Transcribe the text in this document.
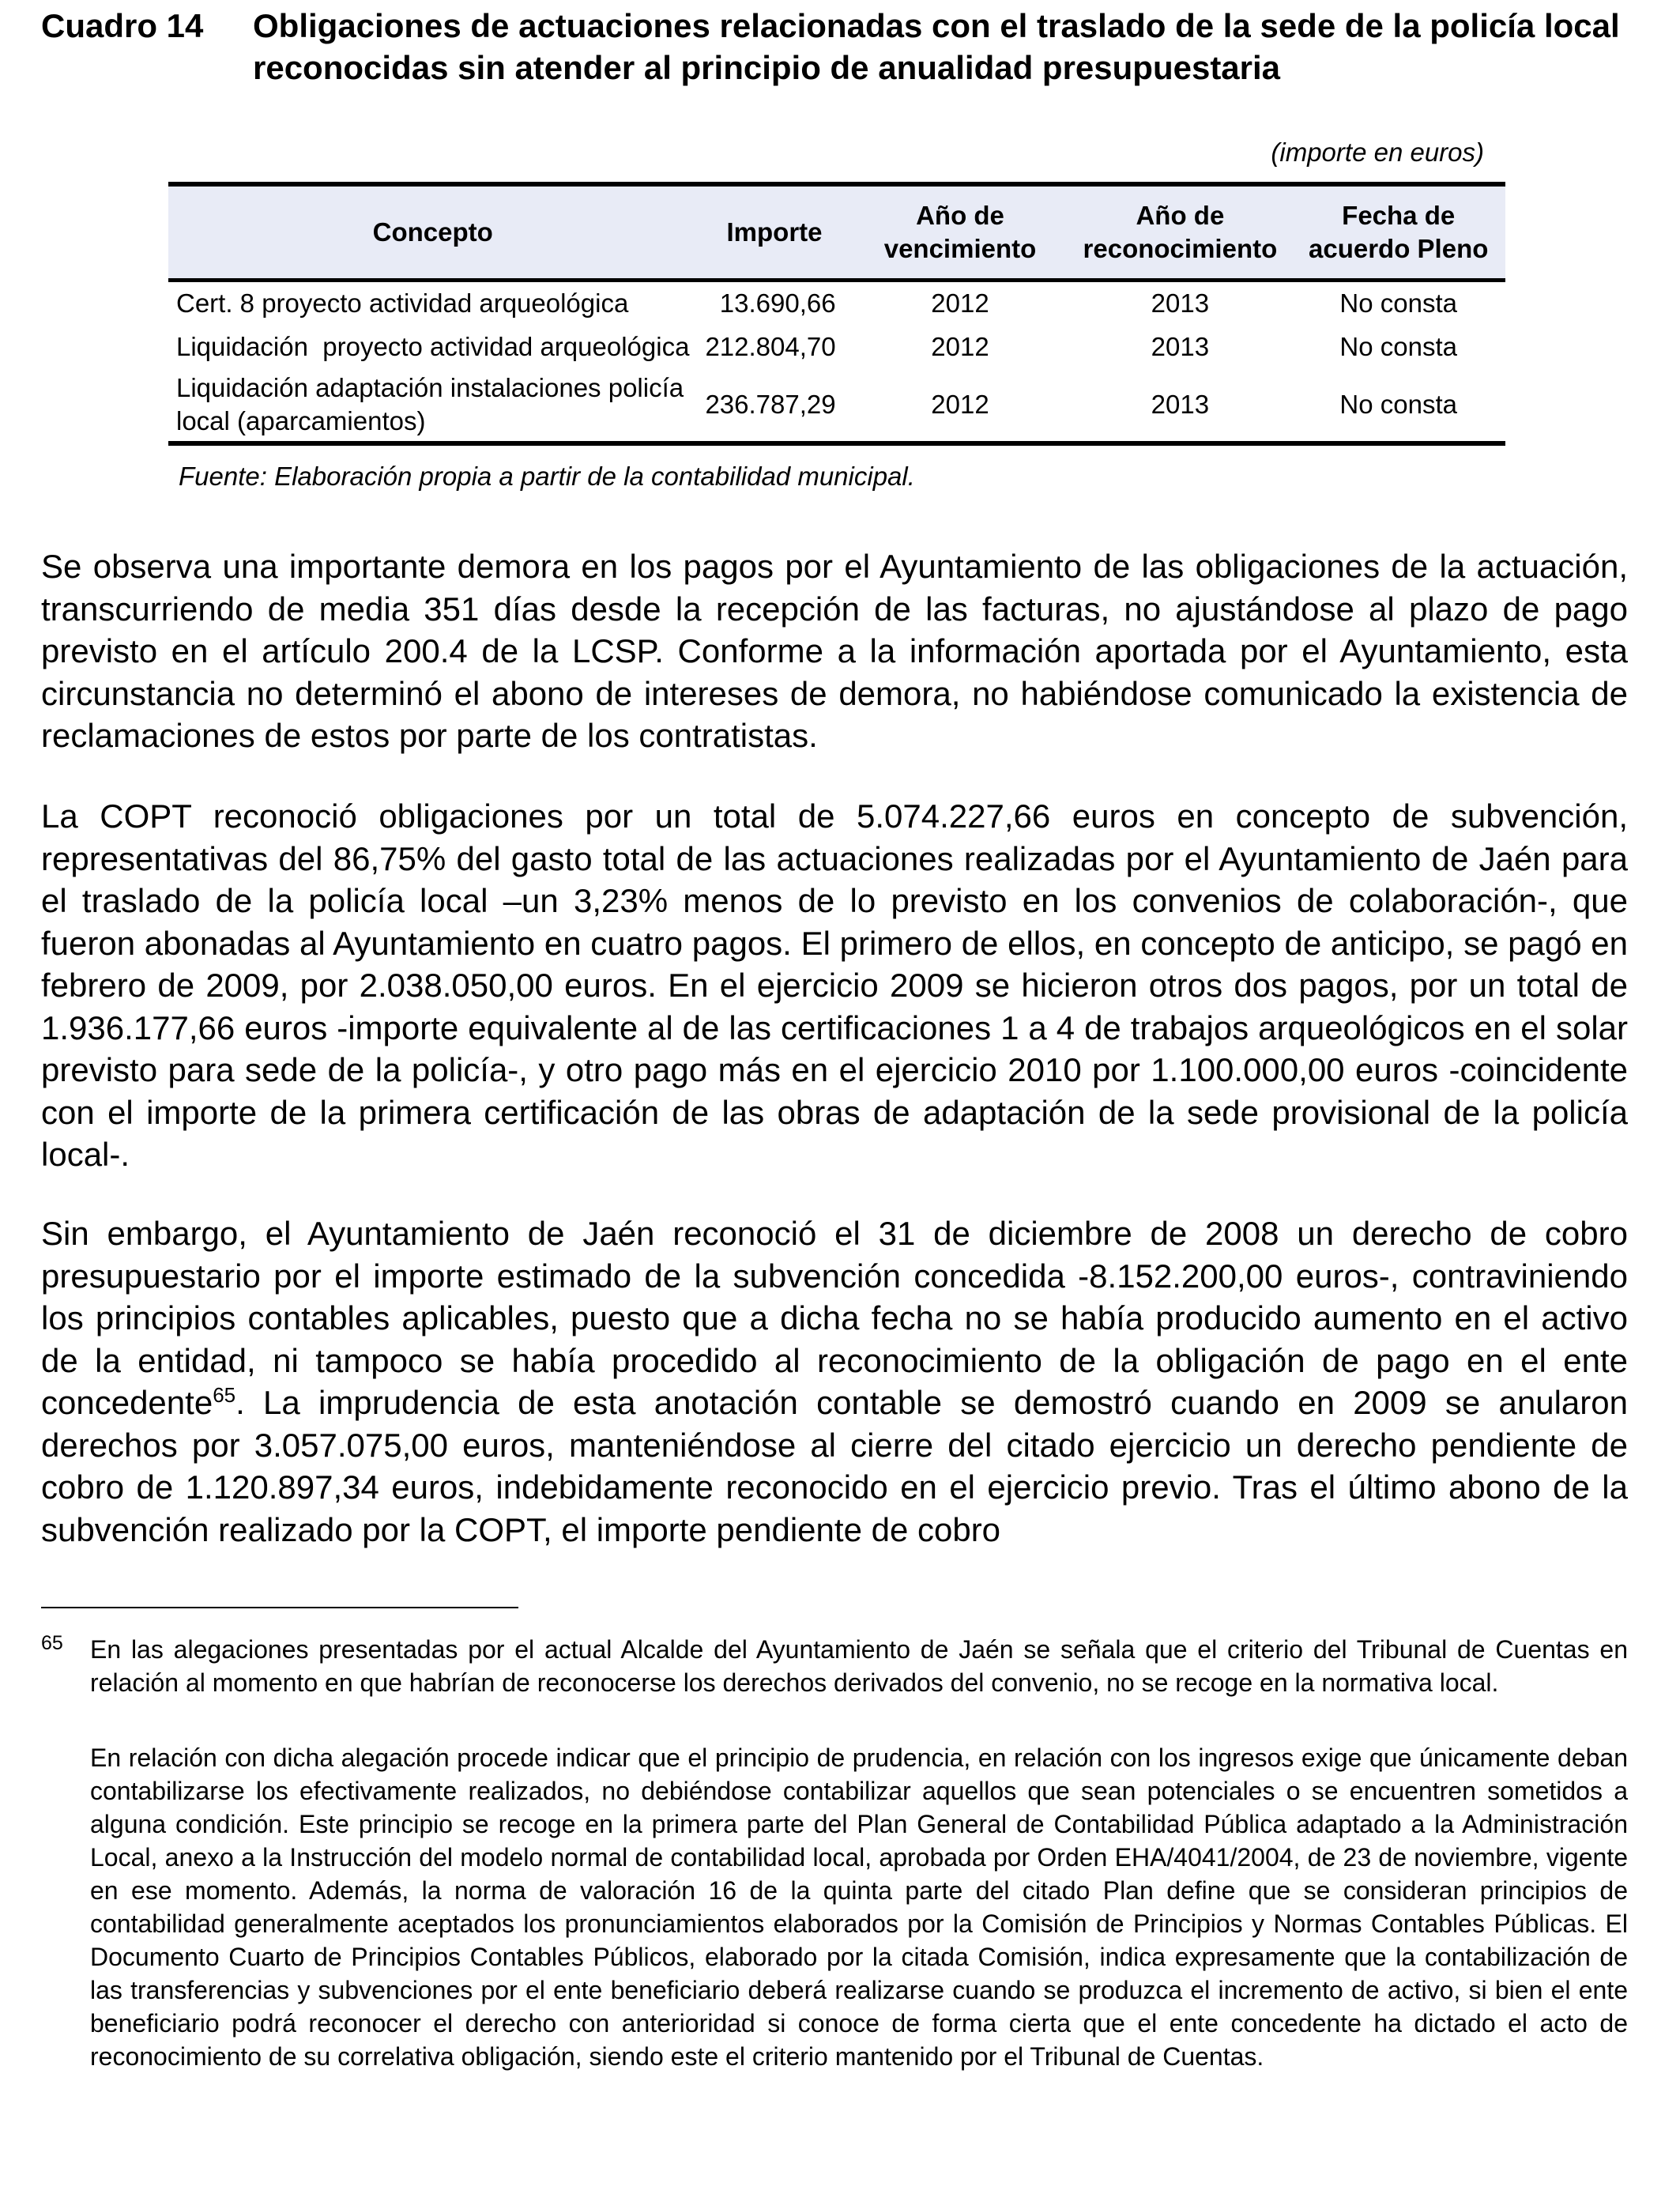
Cuadro 14	Obligaciones de actuaciones relacionadas con el traslado de la sede de la policía local reconocidas sin atender al principio de anualidad presupuestaria
(importe en euros)
Concepto	Importe	Año de vencimiento	Año de reconocimiento	Fecha de acuerdo Pleno
Cert. 8 proyecto actividad arqueológica	13.690,66	2012	2013	No consta
Liquidación  proyecto actividad arqueológica	212.804,70	2012	2013	No consta
Liquidación adaptación instalaciones policía local (aparcamientos)	236.787,29	2012	2013	No consta
Fuente: Elaboración propia a partir de la contabilidad municipal.

Se observa una importante demora en los pagos por el Ayuntamiento de las obligaciones de la actuación, transcurriendo de media 351 días desde la recepción de las facturas, no ajustándose al plazo de pago previsto en el artículo 200.4 de la LCSP. Conforme a la información aportada por el Ayuntamiento, esta circunstancia no determinó el abono de intereses de demora, no habiéndose comunicado la existencia de reclamaciones de estos por parte de los contratistas.

La COPT reconoció obligaciones por un total de 5.074.227,66 euros en concepto de subvención, representativas del 86,75% del gasto total de las actuaciones realizadas por el Ayuntamiento de Jaén para el traslado de la policía local –un 3,23% menos de lo previsto en los convenios de colaboración-, que fueron abonadas al Ayuntamiento en cuatro pagos. El primero de ellos, en concepto de anticipo, se pagó en febrero de 2009, por 2.038.050,00 euros. En el ejercicio 2009 se hicieron otros dos pagos, por un total de 1.936.177,66 euros -importe equivalente al de las certificaciones 1 a 4 de trabajos arqueológicos en el solar previsto para sede de la policía-, y otro pago más en el ejercicio 2010 por 1.100.000,00 euros -coincidente con el importe de la primera certificación de las obras de adaptación de la sede provisional de la policía local-.

Sin embargo, el Ayuntamiento de Jaén reconoció el 31 de diciembre de 2008 un derecho de cobro presupuestario por el importe estimado de la subvención concedida -8.152.200,00 euros-, contraviniendo los principios contables aplicables, puesto que a dicha fecha no se había producido aumento en el activo de la entidad, ni tampoco se había procedido al reconocimiento de la obligación de pago en el ente concedente$^{65}$. La imprudencia de esta anotación contable se demostró cuando en 2009 se anularon derechos por 3.057.075,00 euros, manteniéndose al cierre del citado ejercicio un derecho pendiente de cobro de 1.120.897,34 euros, indebidamente reconocido en el ejercicio previo. Tras el último abono de la subvención realizado por la COPT, el importe pendiente de cobro

65 En las alegaciones presentadas por el actual Alcalde del Ayuntamiento de Jaén se señala que el criterio del Tribunal de Cuentas en relación al momento en que habrían de reconocerse los derechos derivados del convenio, no se recoge en la normativa local.
En relación con dicha alegación procede indicar que el principio de prudencia, en relación con los ingresos exige que únicamente deban contabilizarse los efectivamente realizados, no debiéndose contabilizar aquellos que sean potenciales o se encuentren sometidos a alguna condición. Este principio se recoge en la primera parte del Plan General de Contabilidad Pública adaptado a la Administración Local, anexo a la Instrucción del modelo normal de contabilidad local, aprobada por Orden EHA/4041/2004, de 23 de noviembre, vigente en ese momento. Además, la norma de valoración 16 de la quinta parte del citado Plan define que se consideran principios de contabilidad generalmente aceptados los pronunciamientos elaborados por la Comisión de Principios y Normas Contables Públicas. El Documento Cuarto de Principios Contables Públicos, elaborado por la citada Comisión, indica expresamente que la contabilización de las transferencias y subvenciones por el ente beneficiario deberá realizarse cuando se produzca el incremento de activo, si bien el ente beneficiario podrá reconocer el derecho con anterioridad si conoce de forma cierta que el ente concedente ha dictado el acto de reconocimiento de su correlativa obligación, siendo este el criterio mantenido por el Tribunal de Cuentas.
